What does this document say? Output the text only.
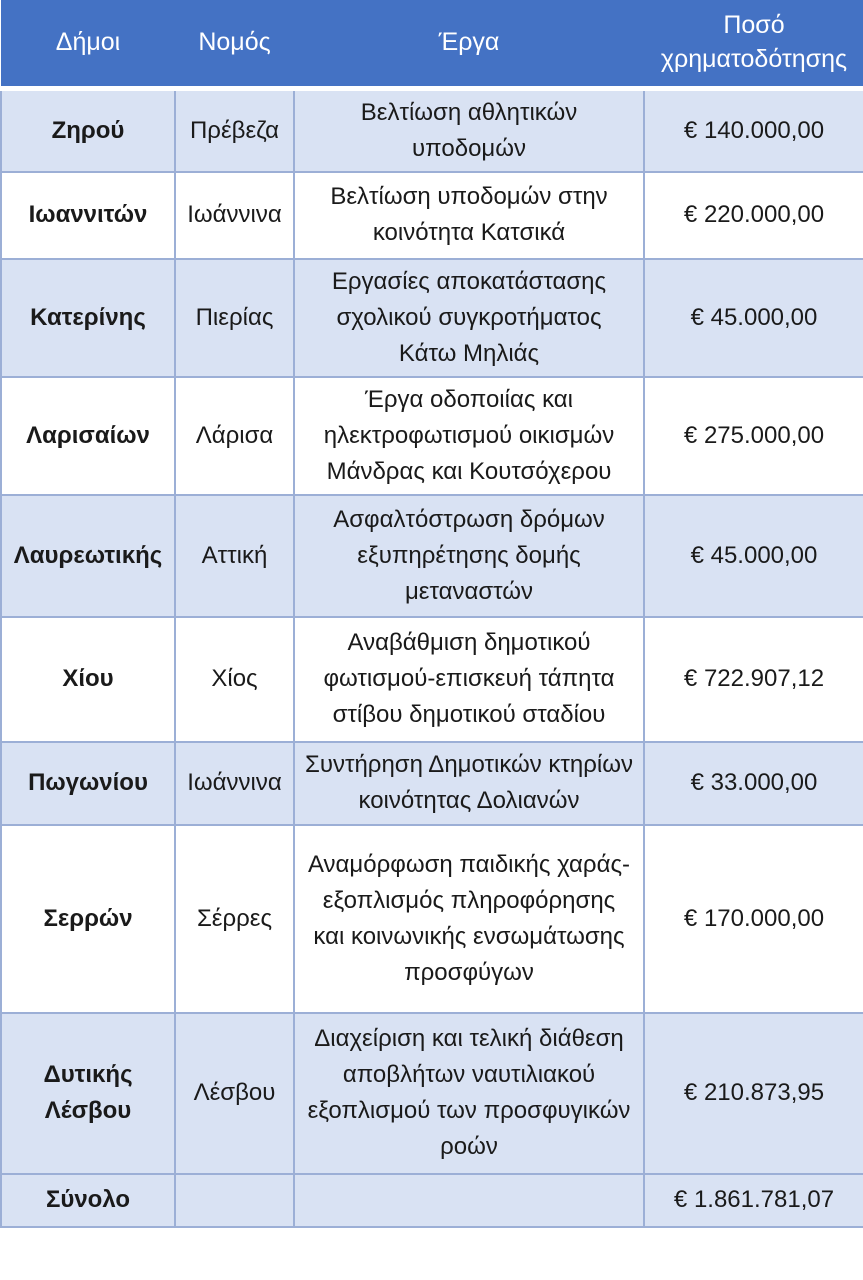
Δήμοι	Νομός	Έργα	Ποσό χρηματοδότησης
Ζηρού	Πρέβεζα	Βελτίωση αθλητικών υποδομών	€ 140.000,00
Ιωαννιτών	Ιωάννινα	Βελτίωση υποδομών στην κοινότητα Κατσικά	€ 220.000,00
Κατερίνης	Πιερίας	Εργασίες αποκατάστασης σχολικού συγκροτήματος Κάτω Μηλιάς	€ 45.000,00
Λαρισαίων	Λάρισα	Έργα οδοποιίας και ηλεκτροφωτισμού οικισμών Μάνδρας και Κουτσόχερου	€ 275.000,00
Λαυρεωτικής	Αττική	Ασφαλτόστρωση δρόμων εξυπηρέτησης δομής μεταναστών	€ 45.000,00
Χίου	Χίος	Αναβάθμιση δημοτικού φωτισμού-επισκευή τάπητα στίβου δημοτικού σταδίου	€ 722.907,12
Πωγωνίου	Ιωάννινα	Συντήρηση Δημοτικών κτηρίων κοινότητας Δολιανών	€ 33.000,00
Σερρών	Σέρρες	Αναμόρφωση παιδικής χαράς-εξοπλισμός πληροφόρησης και κοινωνικής ενσωμάτωσης προσφύγων	€ 170.000,00
Δυτικής Λέσβου	Λέσβου	Διαχείριση και τελική διάθεση αποβλήτων ναυτιλιακού εξοπλισμού των προσφυγικών ροών	€ 210.873,95
Σύνολο			€ 1.861.781,07
